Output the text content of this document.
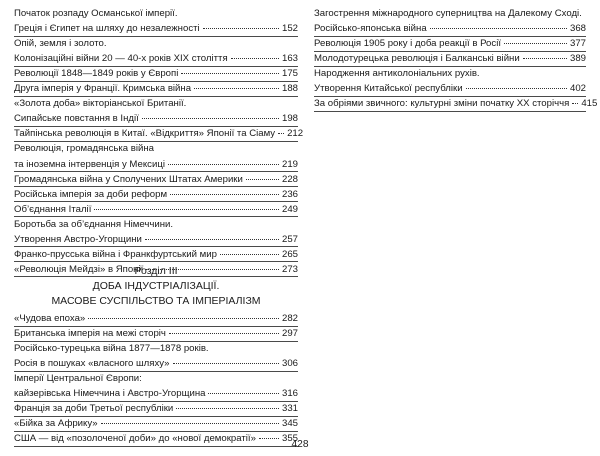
Початок розпаду Османської імперії.
Греція і Єгипет на шляху до незалежності	152
Опій, земля і золото.
Колонізаційні війни 20 — 40-х років XIX століття	163
Революції 1848—1849 років у Європі	175
Друга імперія у Франції. Кримська війна	188
«Золота доба» вікторіанської Британії.
Сипайське повстання в Індії	198
Тайпінська революція в Китаї. «Відкриття» Японії та Сіаму 212
Революція, громадянська війна
та іноземна інтервенція у Мексиці	219
Громадянська війна у Сполучених Штатах Америки	228
Російська імперія за доби реформ	236
Об’єднання Італії	249
Боротьба за об’єднання Німеччини.
Утворення Австро-Угорщини	257
Франко-прусська війна і Франкфуртський мир	265
«Революція Мейдзі» в Японії	273
«Чудова епоха»	282
Британська імперія на межі сторіч	297
Російсько-турецька війна 1877—1878 років.
Росія в пошуках «власного шляху»	306
Імперії Центральної Європи:
кайзерівська Німеччина і Австро-Угорщина	316
Франція за доби Третьої республіки	331
«Бійка за Африку»	345
США — від «позолоченої доби» до «нової демократії»	355
Розділ III
ДОБА ІНДУСТРІАЛІЗАЦІЇ.
МАСОВЕ СУСПІЛЬСТВО ТА ІМПЕРІАЛІЗМ
Загострення міжнародного суперництва на Далекому Сході.
Російсько-японська війна	368
Революція 1905 року і доба реакції в Росії	377
Молодотурецька революція і Балканські війни	389
Народження антиколоніальних рухів.
Утворення Китайської республіки	402
За обріями звичного: культурні зміни початку XX сторіччя 415
428
